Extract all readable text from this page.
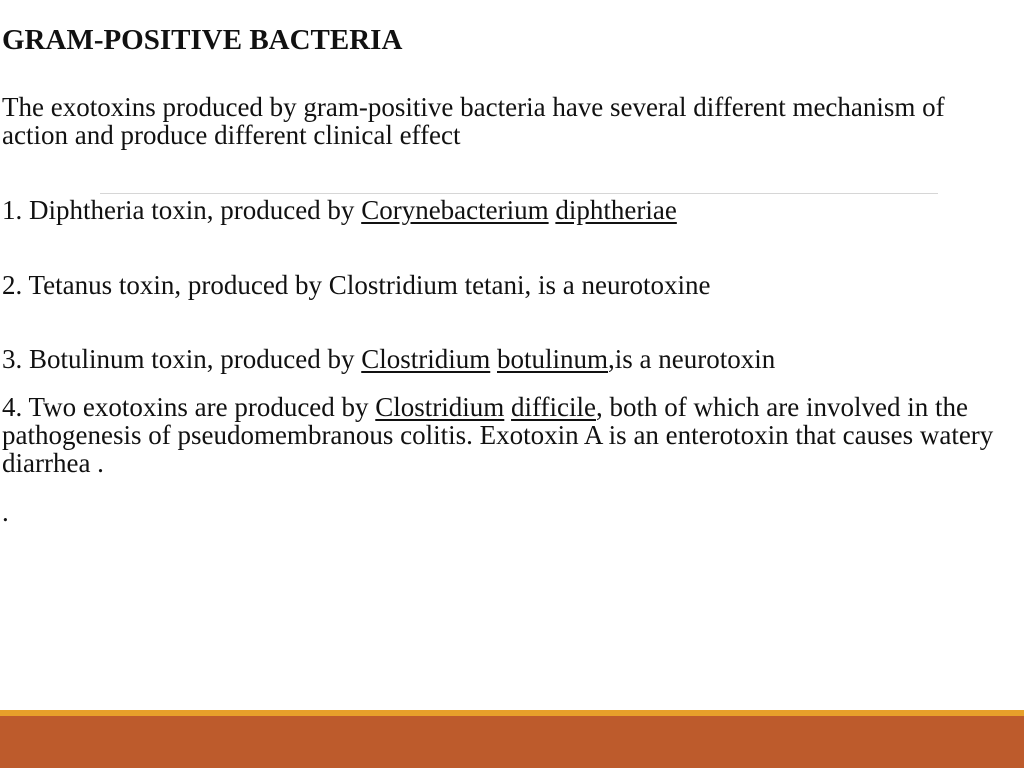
GRAM-POSITIVE BACTERIA

The exotoxins produced by gram-positive bacteria have several different mechanism of action and produce different clinical effect

1. Diphtheria toxin, produced by Corynebacterium diphtheriae

2. Tetanus toxin, produced by Clostridium tetani, is a neurotoxine

3. Botulinum toxin, produced by Clostridium botulinum,is a neurotoxin

4. Two exotoxins are produced by Clostridium difficile, both of which are involved in the pathogenesis of pseudomembranous colitis. Exotoxin A is an enterotoxin that causes watery diarrhea .

.
